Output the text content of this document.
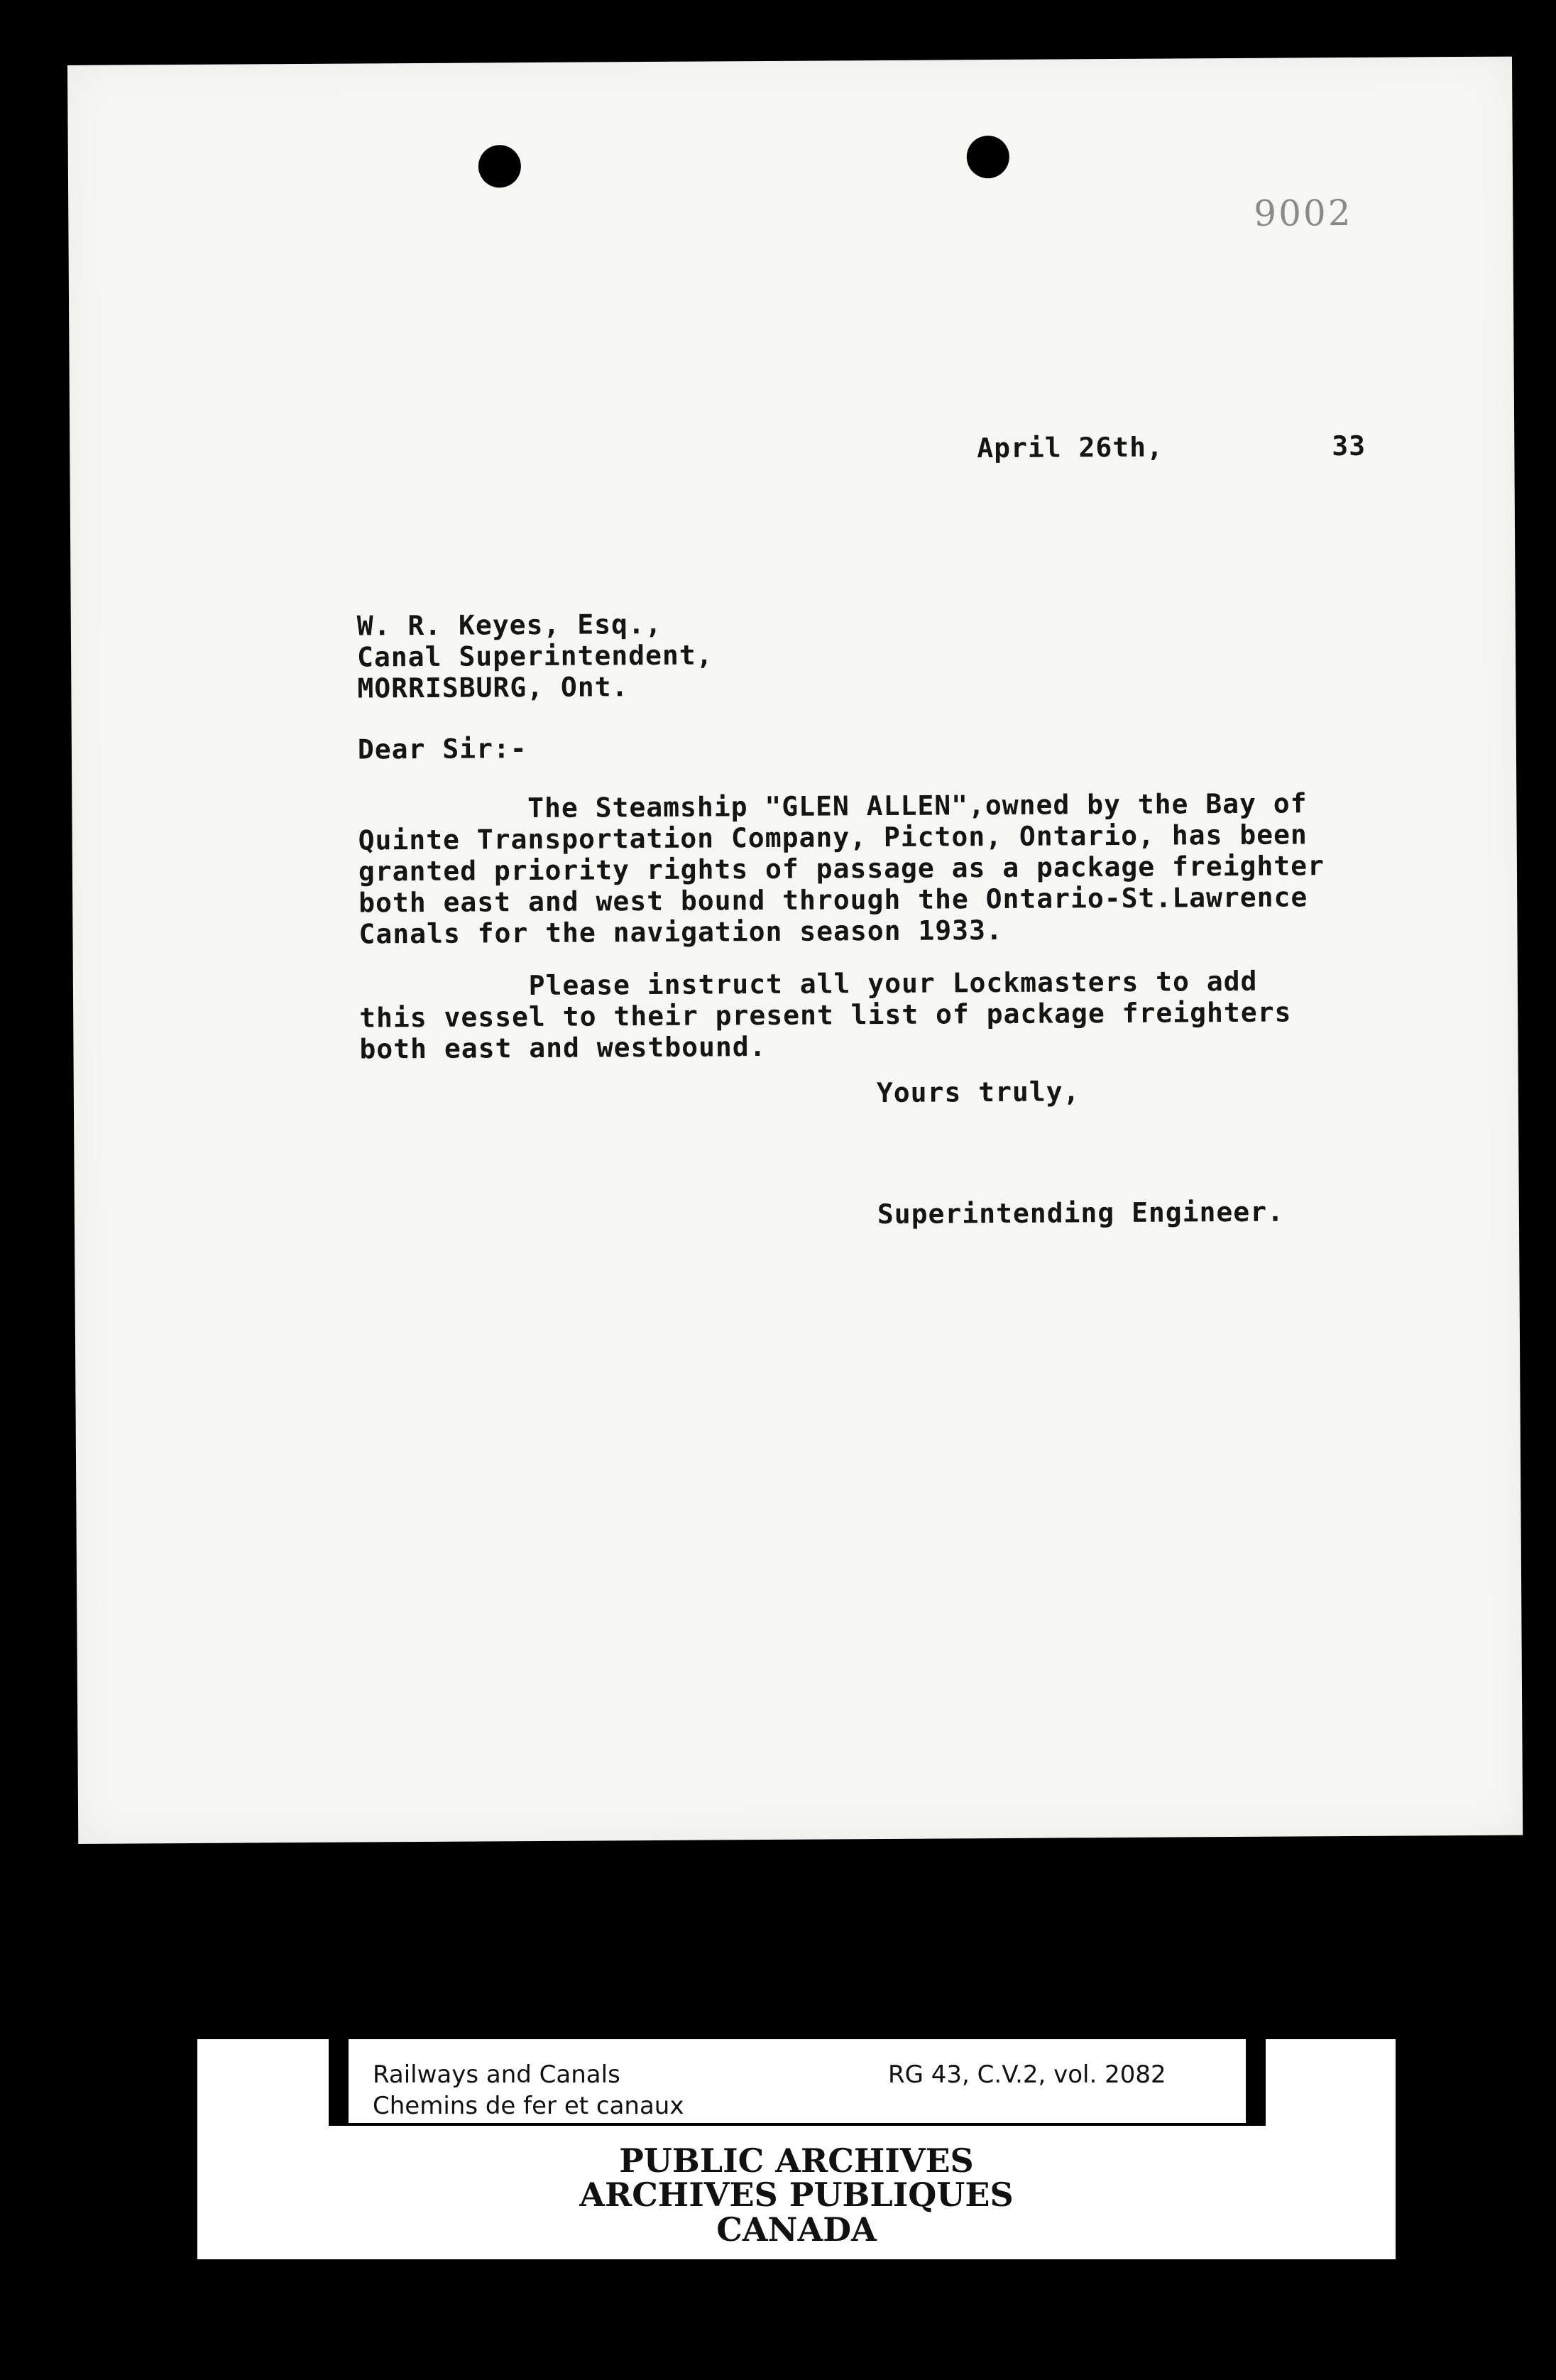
9002
April 26th,	33
W. R. Keyes, Esq.,
Canal Superintendent,
MORRISBURG, Ont.
Dear Sir:-
The Steamship "GLEN ALLEN",owned by the Bay of
Quinte Transportation Company, Picton, Ontario, has been
granted priority rights of passage as a package freighter
both east and west bound through the Ontario-St.Lawrence
Canals for the navigation season 1933.
Please instruct all your Lockmasters to add
this vessel to their present list of package freighters
both east and westbound.
Yours truly,
Superintending Engineer.
Railways and Canals
Chemins de fer et canaux
RG 43, C.V.2, vol. 2082
PUBLIC ARCHIVES
ARCHIVES PUBLIQUES
CANADA
